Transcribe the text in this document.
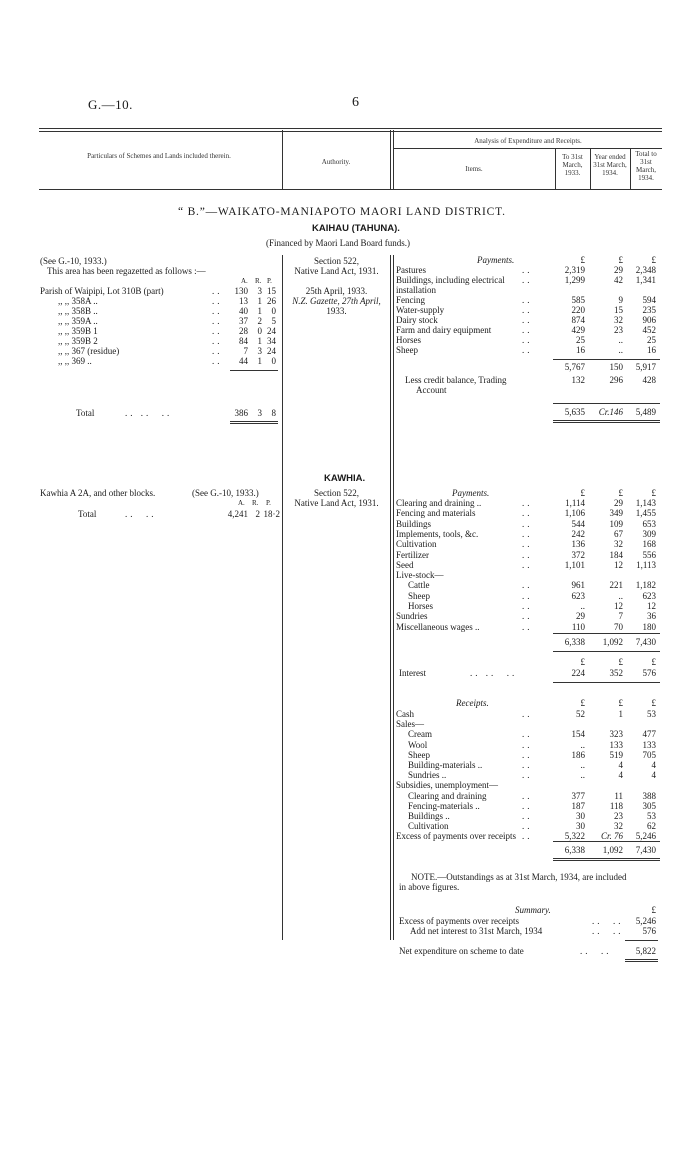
G.—10.	6
Particulars of Schemes and Lands included therein.
Authority.
Analysis of Expenditure and Receipts.
Items.
To 31st March, 1933.
Year ended 31st March, 1934.
Total to 31st March, 1934.
“ B.”—WAIKATO-MANIAPOTO MAORI LAND DISTRICT.
KAIHAU (TAHUNA).
(Financed by Maori Land Board funds.)
(See G.-10, 1933.)
This area has been regazetted as follows :—
A. R. P.
Parish of Waipipi, Lot 310B (part)	..	130	3 15
,, ,, 358A ..	..	13	1 26
,, ,, 358B ..	..	40	1	0
,, ,, 359A ..	..	37	2	5
,, ,, 359B 1	..	28	0 24
,, ,, 359B 2	..	84	1 34
,, ,, 367 (residue)	..	7	3 24
,, ,, 369 ..	..	44	1	0
Total	.. ..  ..	386	3	8
Section 522,
Native Land Act, 1931.
25th April, 1933.
N.Z. Gazette, 27th April,
1933.
Payments.	£	£	£
Pastures	..	2,319	29	2,348
Buildings, including electrical ..	1,299	42	1,341
installation
Fencing	..	585	9	594
Water-supply	..	220	15	235
Dairy stock	..	874	32	906
Farm and dairy equipment	..	429	23	452
Horses	..	25	..	25
Sheep	..	16	..	16
5,767	150	5,917
Less credit balance, Trading
Account
132	296	428
5,635	Cr.146	5,489
KAWHIA.
Kawhia A 2A, and other blocks.	(See G.-10, 1933.)
A. R. P.
Total	..  ..	4,241 2 18·2
Section 522,
Native Land Act, 1931.
Payments.	£	£	£
Clearing and draining ..	..	1,114	29	1,143
Fencing and materials	..	1,106	349	1,455
Buildings	..	544	109	653
Implements, tools, &c.	..	242	67	309
Cultivation	..	136	32	168
Fertilizer	..	372	184	556
Seed	..	1,101	12	1,113
Live-stock—
Cattle	..	961	221	1,182
Sheep	..	623	..	623
Horses	..	..	12	12
Sundries	..	29	7	36
Miscellaneous wages ..	..	110	70	180
6,338	1,092	7,430
£	£	£
Interest	.. ..  ..	224	352	576
Receipts.	£	£	£
Cash	..	52	1	53
Sales—
Cream	..	154	323	477
Wool	..	..	133	133
Sheep	..	186	519	705
Building-materials ..	..	..	4	4
Sundries ..	..	..	4	4
Subsidies, unemployment—
Clearing and draining	..	377	11	388
Fencing-materials ..	..	187	118	305
Buildings ..	..	30	23	53
Cultivation	..	30	32	62
Excess of payments over receipts ..	5,322	Cr. 76	5,246
6,338	1,092	7,430
NOTE.—Outstandings as at 31st March, 1934, are included
in above figures.
Summary.	£
Excess of payments over receipts	..  ..	5,246
Add net interest to 31st March, 1934	..  ..	576
Net expenditure on scheme to date	..  ..	5,822
